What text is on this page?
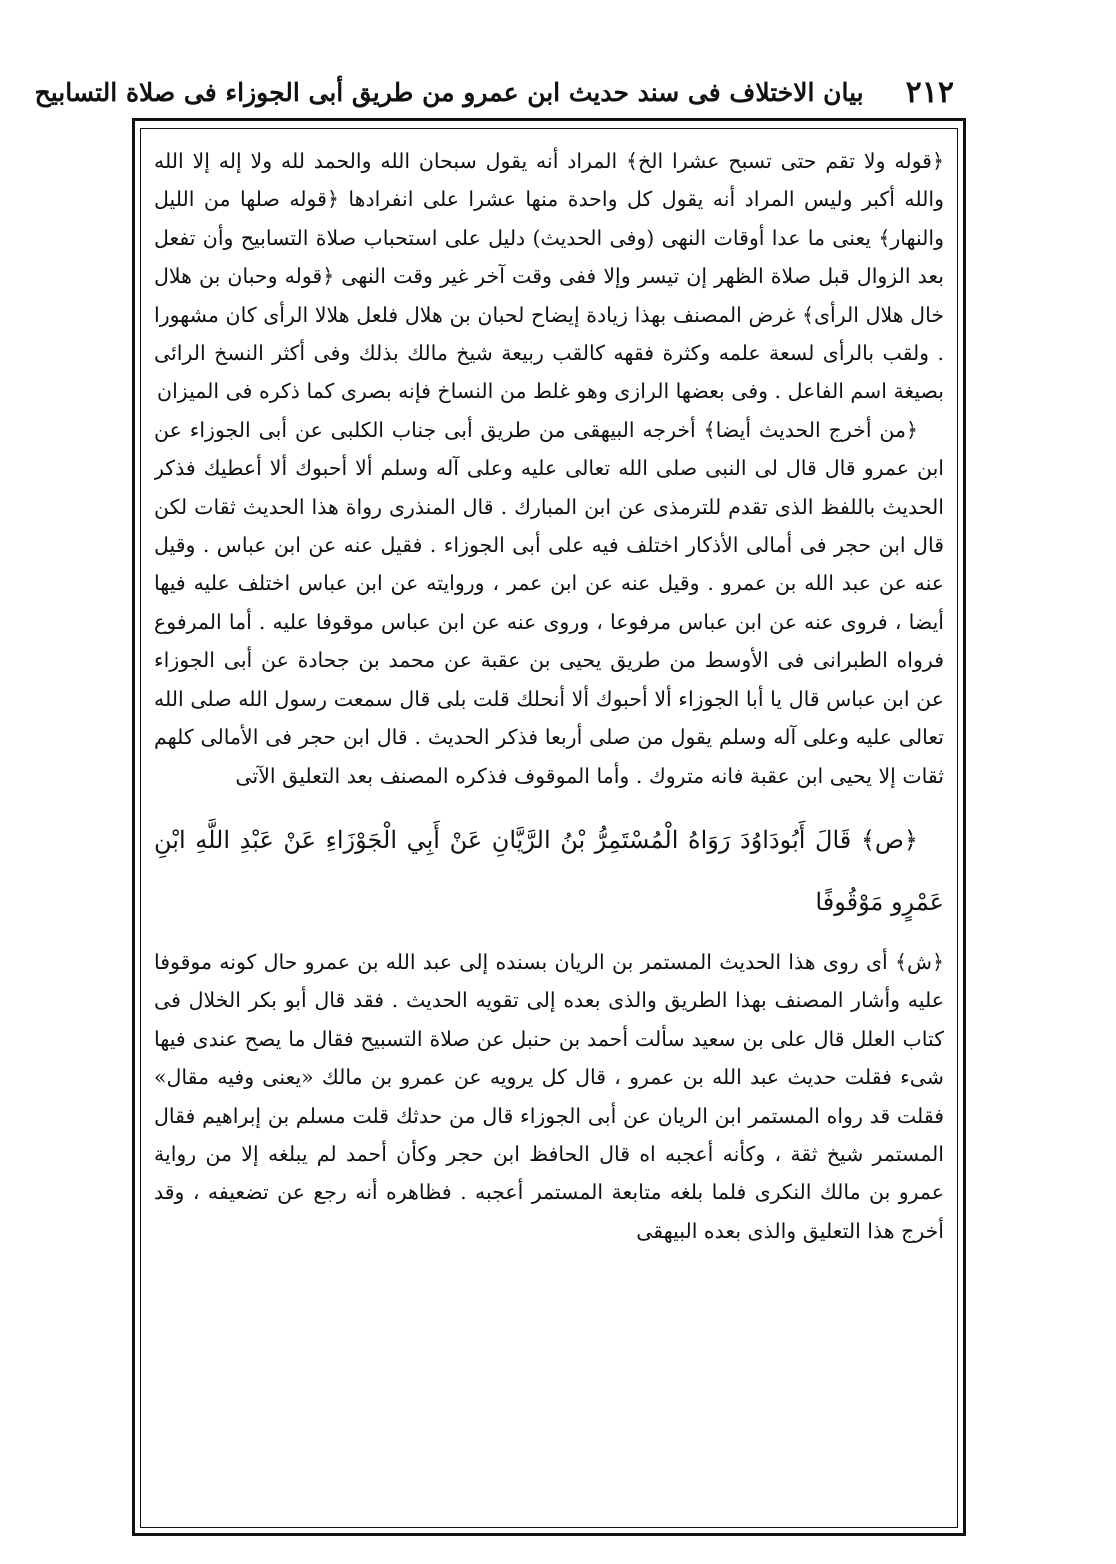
٢١٢
بيان الاختلاف فى سند حديث ابن عمرو من طريق أبى الجوزاء فى صلاة التسابيح

﴿قوله ولا تقم حتى تسبح عشرا الخ﴾ المراد أنه يقول سبحان الله والحمد لله ولا إله إلا الله والله أكبر وليس المراد أنه يقول كل واحدة منها عشرا على انفرادها ﴿قوله صلها من الليل والنهار﴾ يعنى ما عدا أوقات النهى (وفى الحديث) دليل على استحباب صلاة التسابيح وأن تفعل بعد الزوال قبل صلاة الظهر إن تيسر وإلا ففى وقت آخر غير وقت النهى ﴿قوله وحبان بن هلال خال هلال الرأى﴾ غرض المصنف بهذا زيادة إيضاح لحبان بن هلال فلعل هلالا الرأى كان مشهورا . ولقب بالرأى لسعة علمه وكثرة فقهه كالقب ربيعة شيخ مالك بذلك وفى أكثر النسخ الرائى بصيغة اسم الفاعل . وفى بعضها الرازى وهو غلط من النساخ فإنه بصرى كما ذكره فى الميزان

﴿من أخرج الحديث أيضا﴾ أخرجه البيهقى من طريق أبى جناب الكلبى عن أبى الجوزاء عن ابن عمرو قال قال لى النبى صلى الله تعالى عليه وعلى آله وسلم ألا أحبوك ألا أعطيك فذكر الحديث باللفظ الذى تقدم للترمذى عن ابن المبارك . قال المنذرى رواة هذا الحديث ثقات لكن قال ابن حجر فى أمالى الأذكار اختلف فيه على أبى الجوزاء . فقيل عنه عن ابن عباس . وقيل عنه عن عبد الله بن عمرو . وقيل عنه عن ابن عمر ، وروايته عن ابن عباس اختلف عليه فيها أيضا ، فروى عنه عن ابن عباس مرفوعا ، وروى عنه عن ابن عباس موقوفا عليه . أما المرفوع فرواه الطبرانى فى الأوسط من طريق يحيى بن عقبة عن محمد بن جحادة عن أبى الجوزاء عن ابن عباس قال يا أبا الجوزاء ألا أحبوك ألا أنحلك قلت بلى قال سمعت رسول الله صلى الله تعالى عليه وعلى آله وسلم يقول من صلى أربعا فذكر الحديث . قال ابن حجر فى الأمالى كلهم ثقات إلا يحيى ابن عقبة فانه متروك . وأما الموقوف فذكره المصنف بعد التعليق الآتى

﴿ص﴾ قَالَ أَبُودَاوُدَ رَوَاهُ الْمُسْتَمِرُّ بْنُ الرَّيَّانِ عَنْ أَبِي الْجَوْزَاءِ عَنْ عَبْدِ اللَّهِ ابْنِ عَمْرٍو مَوْقُوفًا

﴿ش﴾ أى روى هذا الحديث المستمر بن الريان بسنده إلى عبد الله بن عمرو حال كونه موقوفا عليه وأشار المصنف بهذا الطريق والذى بعده إلى تقويه الحديث . فقد قال أبو بكر الخلال فى كتاب العلل قال على بن سعيد سألت أحمد بن حنبل عن صلاة التسبيح فقال ما يصح عندى فيها شىء فقلت حديث عبد الله بن عمرو ، قال كل يرويه عن عمرو بن مالك «يعنى وفيه مقال» فقلت قد رواه المستمر ابن الريان عن أبى الجوزاء قال من حدثك قلت مسلم بن إبراهيم فقال المستمر شيخ ثقة ، وكأنه أعجبه اه قال الحافظ ابن حجر وكأن أحمد لم يبلغه إلا من رواية عمرو بن مالك النكرى فلما بلغه متابعة المستمر أعجبه . فظاهره أنه رجع عن تضعيفه ، وقد أخرج هذا التعليق والذى بعده البيهقى
